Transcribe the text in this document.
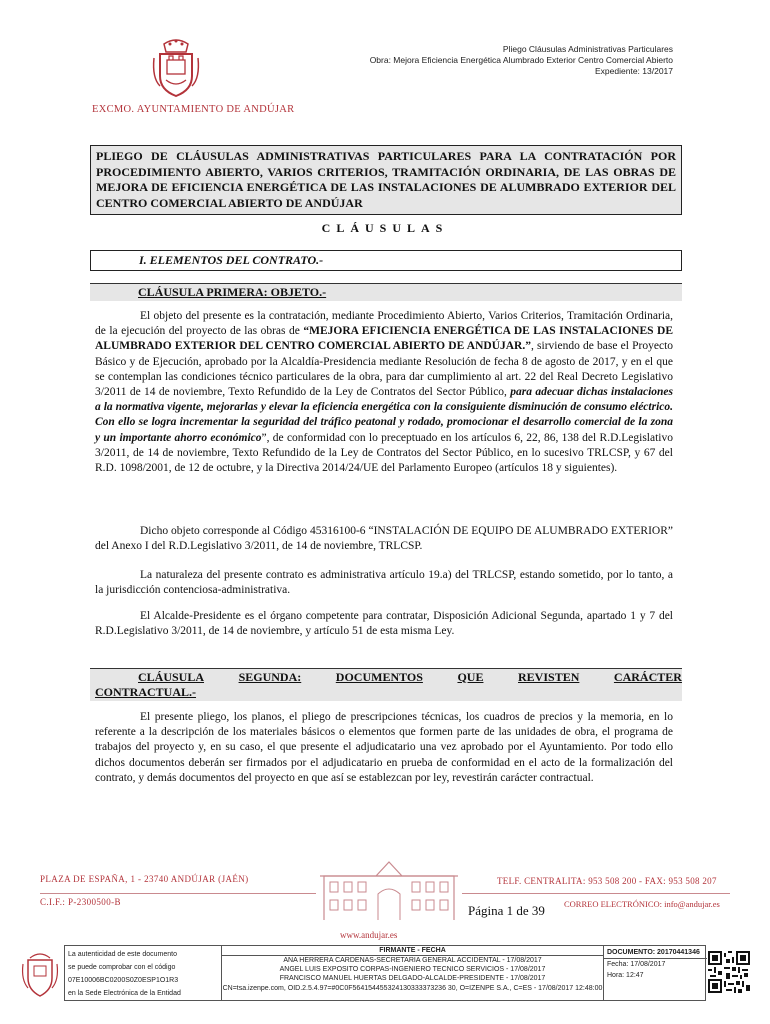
EXCMO. AYUNTAMIENTO DE ANDÚJAR
Pliego Cláusulas Administrativas Particulares
Obra: Mejora Eficiencia Energética Alumbrado Exterior Centro Comercial Abierto
Expediente: 13/2017
PLIEGO DE CLÁUSULAS ADMINISTRATIVAS PARTICULARES PARA LA CONTRATACIÓN POR PROCEDIMIENTO ABIERTO, VARIOS CRITERIOS, TRAMITACIÓN ORDINARIA, DE LAS OBRAS DE MEJORA DE EFICIENCIA ENERGÉTICA DE LAS INSTALACIONES DE ALUMBRADO EXTERIOR DEL CENTRO COMERCIAL ABIERTO DE ANDÚJAR
CLÁUSULAS
I. ELEMENTOS DEL CONTRATO.-
CLÁUSULA PRIMERA: OBJETO.-

El objeto del presente es la contratación, mediante Procedimiento Abierto, Varios Criterios, Tramitación Ordinaria, de la ejecución del proyecto de las obras de “MEJORA EFICIENCIA ENERGÉTICA DE LAS INSTALACIONES DE ALUMBRADO EXTERIOR DEL CENTRO COMERCIAL ABIERTO DE ANDÚJAR.”, sirviendo de base el Proyecto Básico y de Ejecución, aprobado por la Alcaldía-Presidencia mediante Resolución de fecha 8 de agosto de 2017, y en el que se contemplan las condiciones técnico particulares de la obra, para dar cumplimiento al art. 22 del Real Decreto Legislativo 3/2011 de 14 de noviembre, Texto Refundido de la Ley de Contratos del Sector Público, para adecuar dichas instalaciones a la normativa vigente, mejorarlas y elevar la eficiencia energética con la consiguiente disminución de consumo eléctrico. Con ello se logra incrementar la seguridad del tráfico peatonal y rodado, promocionar el desarrollo comercial de la zona y un importante ahorro económico”, de conformidad con lo preceptuado en los artículos 6, 22, 86, 138 del R.D.Legislativo 3/2011, de 14 de noviembre, Texto Refundido de la Ley de Contratos del Sector Público, en lo sucesivo TRLCSP, y 67 del R.D. 1098/2001, de 12 de octubre, y la Directiva 2014/24/UE del Parlamento Europeo (artículos 18 y siguientes).

Dicho objeto corresponde al Código 45316100-6 “INSTALACIÓN DE EQUIPO DE ALUMBRADO EXTERIOR” del Anexo I del R.D.Legislativo 3/2011, de 14 de noviembre, TRLCSP.

La naturaleza del presente contrato es administrativa artículo 19.a) del TRLCSP, estando sometido, por lo tanto, a la jurisdicción contenciosa-administrativa.

El Alcalde-Presidente es el órgano competente para contratar, Disposición Adicional Segunda, apartado 1 y 7 del R.D.Legislativo 3/2011, de 14 de noviembre, y artículo 51 de esta misma Ley.

CLÁUSULA	SEGUNDA:	DOCUMENTOS	QUE	REVISTEN	CARÁCTER
CONTRACTUAL.-

El presente pliego, los planos, el pliego de prescripciones técnicas, los cuadros de precios y la memoria, en lo referente a la descripción de los materiales básicos o elementos que formen parte de las unidades de obra, el programa de trabajos del proyecto y, en su caso, el que presente el adjudicatario una vez aprobado por el Ayuntamiento. Por todo ello dichos documentos deberán ser firmados por el adjudicatario en prueba de conformidad en el acto de la formalización del contrato, y demás documentos del proyecto en que así se establezcan por ley, revestirán carácter contractual.

PLAZA DE ESPAÑA, 1 - 23740 ANDÚJAR (JAÉN)
C.I.F.: P-2300500-B
TELF. CENTRALITA: 953 508 200 - FAX: 953 508 207
CORREO ELECTRÓNICO: info@andujar.es
www.andujar.es
Página 1 de 39
La autenticidad de este documento
se puede comprobar con el código
07E10006BC0200S0Z0ESP1O1R3
en la Sede Electrónica de la Entidad
FIRMANTE - FECHA
ANA HERRERA CARDENAS-SECRETARIA GENERAL ACCIDENTAL - 17/08/2017
ANGEL LUIS EXPOSITO CORPAS-INGENIERO TECNICO SERVICIOS - 17/08/2017
FRANCISCO MANUEL HUERTAS DELGADO-ALCALDE-PRESIDENTE - 17/08/2017
CN=tsa.izenpe.com, OID.2.5.4.97=#0C0F564154455324130333373236 30, O=IZENPE S.A., C=ES - 17/08/2017 12:48:00
DOCUMENTO: 20170441346
Fecha: 17/08/2017
Hora: 12:47
